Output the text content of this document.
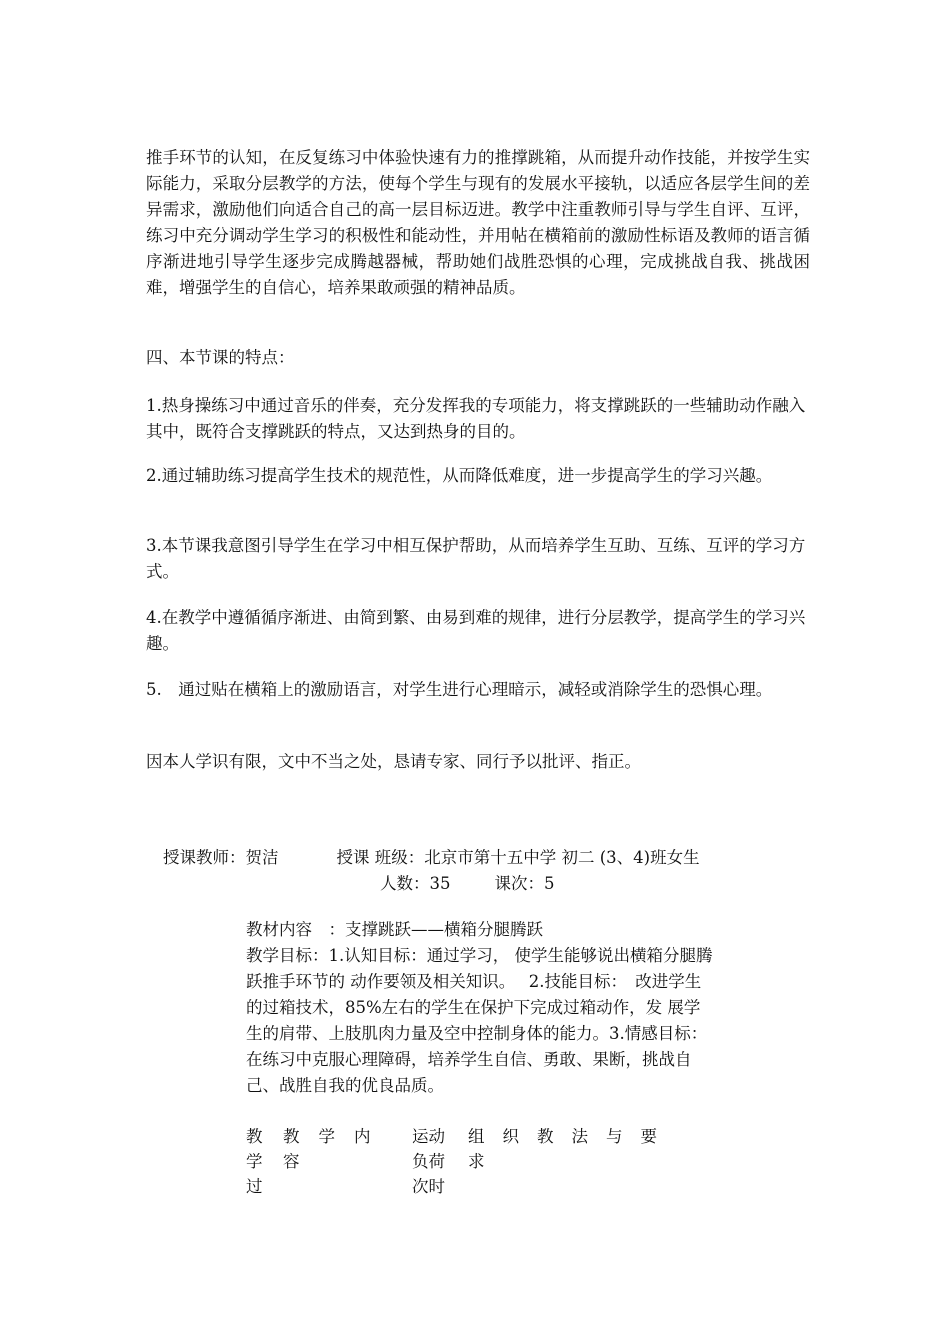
推手环节的认知，在反复练习中体验快速有力的推撑跳箱，从而提升动作技能，并按学生实际能力，采取分层教学的方法，使每个学生与现有的发展水平接轨，以适应各层学生间的差异需求，激励他们向适合自己的高一层目标迈进。教学中注重教师引导与学生自评、互评，练习中充分调动学生学习的积极性和能动性，并用帖在横箱前的激励性标语及教师的语言循序渐进地引导学生逐步完成腾越器械，帮助她们战胜恐惧的心理，完成挑战自我、挑战困难，增强学生的自信心，培养果敢顽强的精神品质。

四、本节课的特点：

1.热身操练习中通过音乐的伴奏，充分发挥我的专项能力，将支撑跳跃的一些辅助动作融入其中，既符合支撑跳跃的特点，又达到热身的目的。

2.通过辅助练习提高学生技术的规范性，从而降低难度，进一步提高学生的学习兴趣。

3.本节课我意图引导学生在学习中相互保护帮助，从而培养学生互助、互练、互评的学习方式。

4.在教学中遵循循序渐进、由简到繁、由易到难的规律，进行分层教学，提高学生的学习兴趣。

5.　通过贴在横箱上的激励语言，对学生进行心理暗示，减轻或消除学生的恐惧心理。

因本人学识有限，文中不当之处，恳请专家、同行予以批评、指正。

授课教师：贺洁	授课 班级：北京市第十五中学 初二 (3、4)班女生
人数：35	课次：5

教材内容　：支撑跳跃——横箱分腿腾跃

教学目标：1.认知目标：通过学习， 使学生能够说出横箱分腿腾跃推手环节的 动作要领及相关知识。　 2.技能目标：　改进学生的过箱技术，85%左右的学生在保护下完成过箱动作，发 展学生的肩带、上肢肌肉力量及空中控制身体的能力。3.情感目标：在练习中克服心理障碍，培养学生自信、勇敢、果断，挑战自己、战胜自我的优良品质。

教
学
过
教学内
容
运动
负荷
次时
组织教法与要
求
